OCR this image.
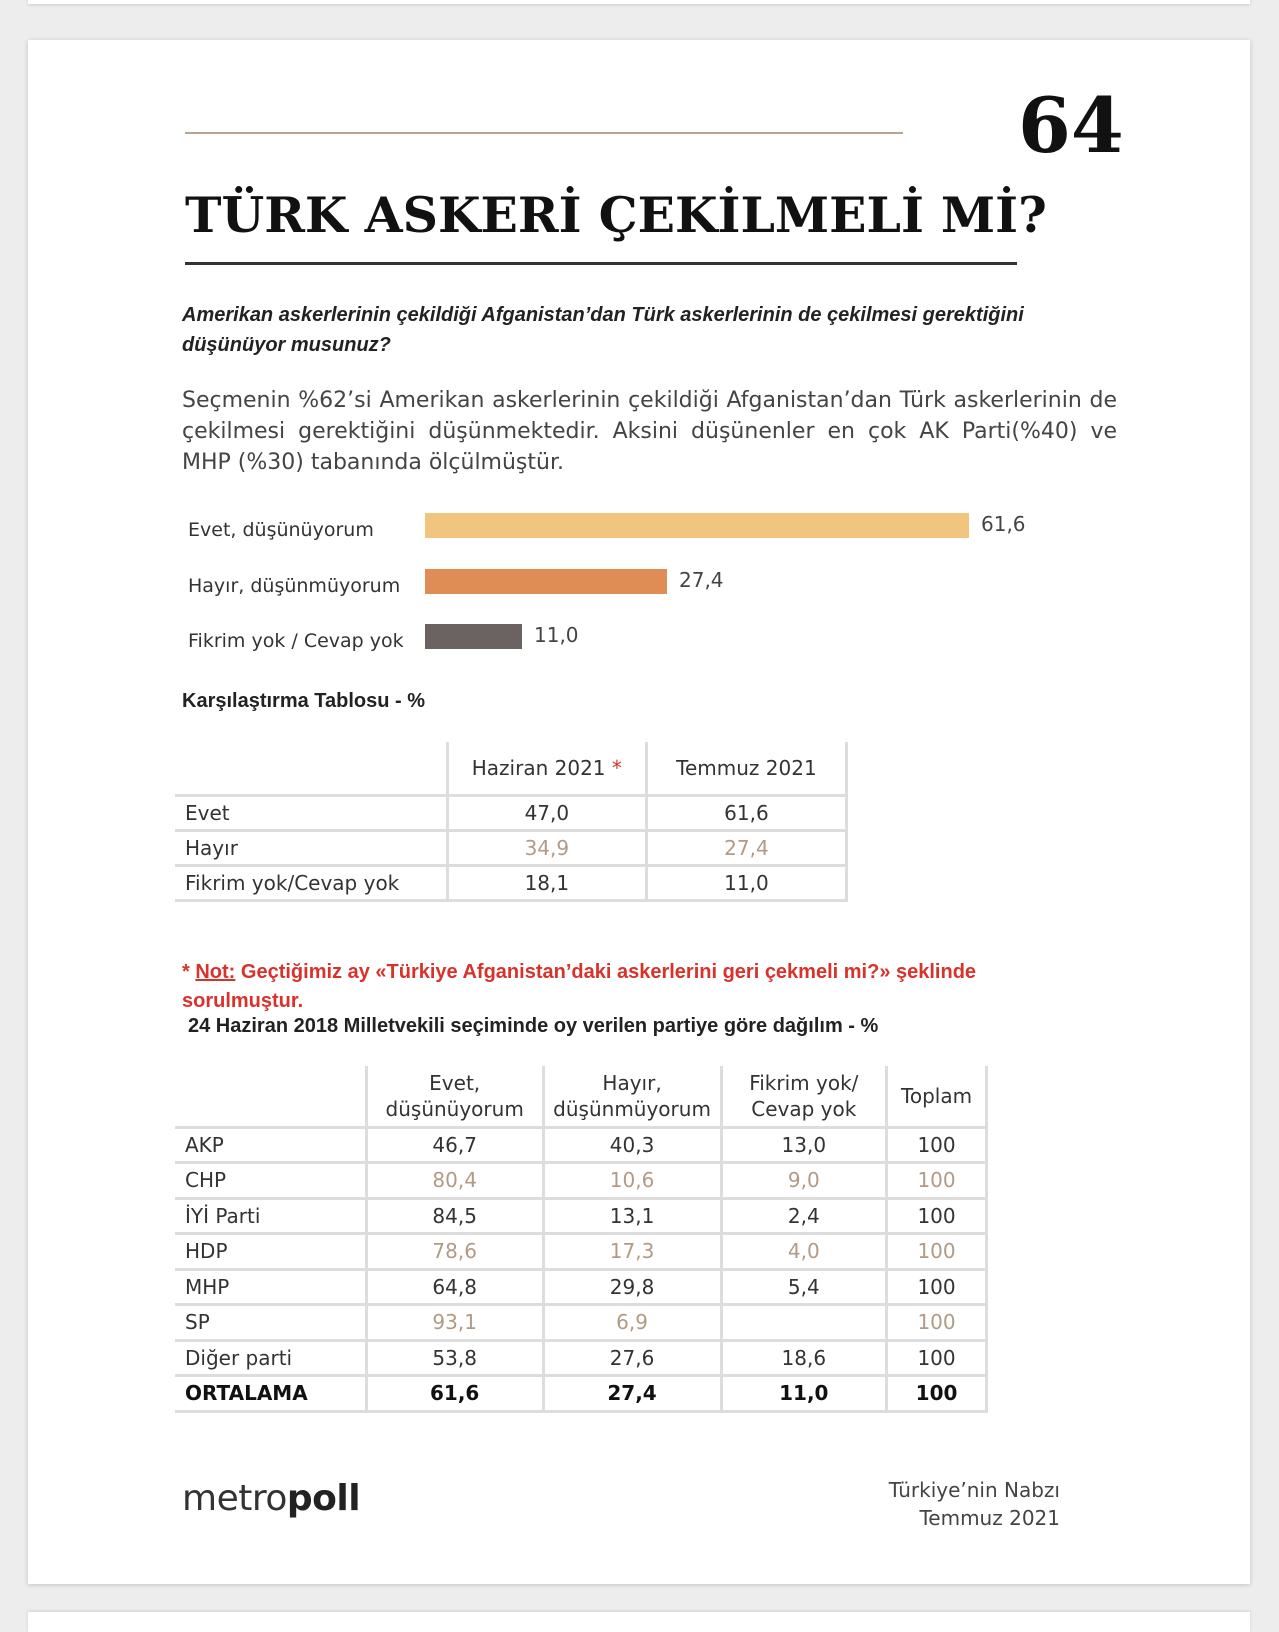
64
TÜRK ASKERİ ÇEKİLMELİ Mİ?
Amerikan askerlerinin çekildiği Afganistan’dan Türk askerlerinin de çekilmesi gerektiğini düşünüyor musunuz?
Seçmenin %62’si Amerikan askerlerinin çekildiği Afganistan’dan Türk askerlerinin de çekilmesi gerektiğini düşünmektedir. Aksini düşünenler en çok AK Parti(%40) ve MHP (%30) tabanında ölçülmüştür.
Evet, düşünüyorum	61,6
Hayır, düşünmüyorum	27,4
Fikrim yok / Cevap yok	11,0
Karşılaştırma Tablosu - %
	Haziran 2021 *	Temmuz 2021
Evet	47,0	61,6
Hayır	34,9	27,4
Fikrim yok/Cevap yok	18,1	11,0
* Not: Geçtiğimiz ay «Türkiye Afganistan’daki askerlerini geri çekmeli mi?» şeklinde sorulmuştur.
24 Haziran 2018 Milletvekili seçiminde oy verilen partiye göre dağılım - %
	Evet, düşünüyorum	Hayır, düşünmüyorum	Fikrim yok/ Cevap yok	Toplam
AKP	46,7	40,3	13,0	100
CHP	80,4	10,6	9,0	100
İYİ Parti	84,5	13,1	2,4	100
HDP	78,6	17,3	4,0	100
MHP	64,8	29,8	5,4	100
SP	93,1	6,9		100
Diğer parti	53,8	27,6	18,6	100
ORTALAMA	61,6	27,4	11,0	100
metropoll	Türkiye’nin Nabzı
Temmuz 2021
